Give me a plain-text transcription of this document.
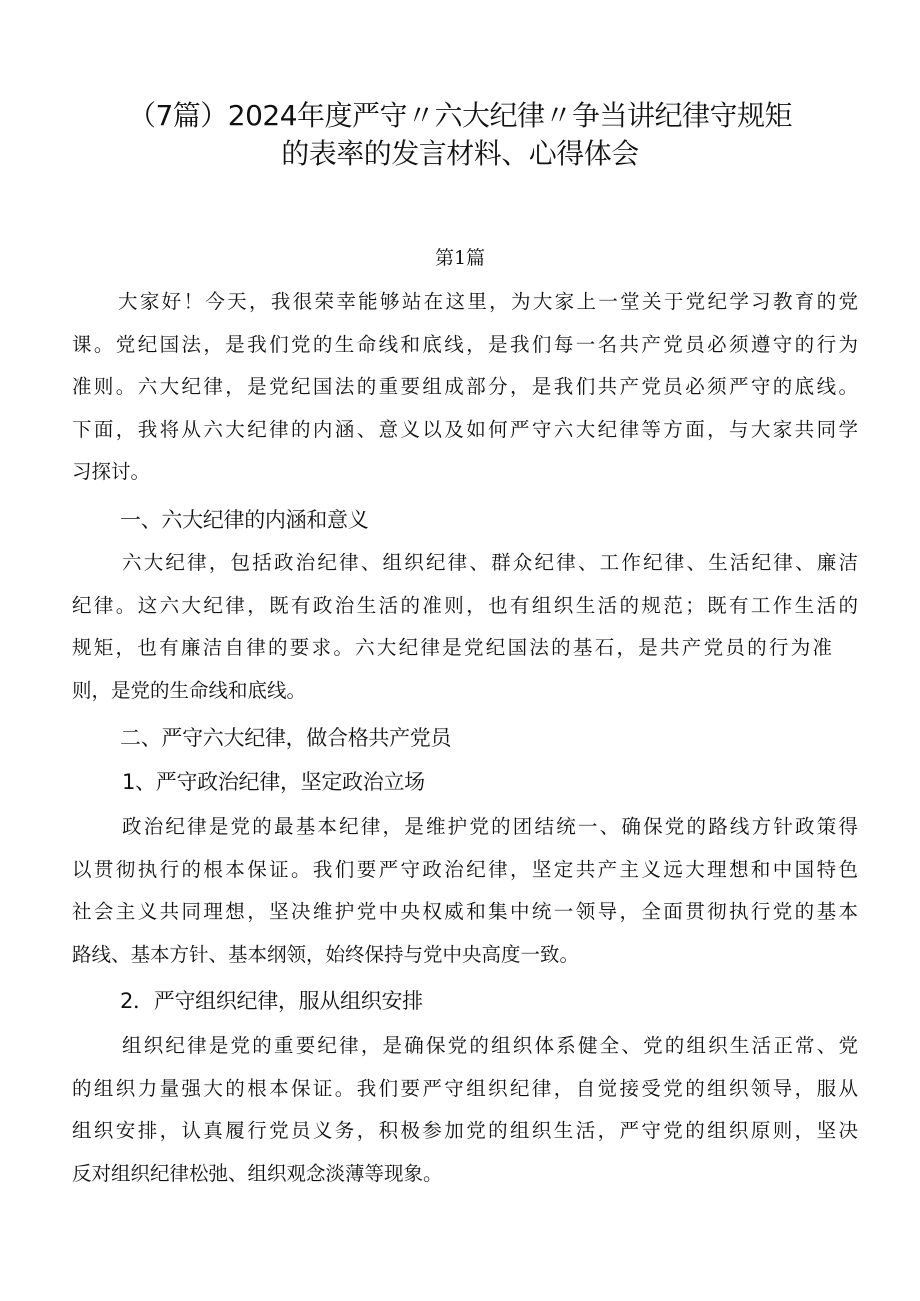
（7篇）2024年度严守〃六大纪律〃争当讲纪律守规矩
的表率的发言材料、心得体会
第1篇
大家好！今天，我很荣幸能够站在这里，为大家上一堂关于党纪学习教育的党
课。党纪国法，是我们党的生命线和底线，是我们每一名共产党员必须遵守的行为
准则。六大纪律，是党纪国法的重要组成部分，是我们共产党员必须严守的底线。
下面，我将从六大纪律的内涵、意义以及如何严守六大纪律等方面，与大家共同学
习探讨。
一、六大纪律的内涵和意义
六大纪律，包括政治纪律、组织纪律、群众纪律、工作纪律、生活纪律、廉洁
纪律。这六大纪律，既有政治生活的准则，也有组织生活的规范；既有工作生活的
规矩，也有廉洁自律的要求。六大纪律是党纪国法的基石，是共产党员的行为准
则，是党的生命线和底线。
二、严守六大纪律，做合格共产党员
1、严守政治纪律，坚定政治立场
政治纪律是党的最基本纪律，是维护党的团结统一、确保党的路线方针政策得
以贯彻执行的根本保证。我们要严守政治纪律，坚定共产主义远大理想和中国特色
社会主义共同理想，坚决维护党中央权威和集中统一领导，全面贯彻执行党的基本
路线、基本方针、基本纲领，始终保持与党中央高度一致。
2．严守组织纪律，服从组织安排
组织纪律是党的重要纪律，是确保党的组织体系健全、党的组织生活正常、党
的组织力量强大的根本保证。我们要严守组织纪律，自觉接受党的组织领导，服从
组织安排，认真履行党员义务，积极参加党的组织生活，严守党的组织原则，坚决
反对组织纪律松弛、组织观念淡薄等现象。
